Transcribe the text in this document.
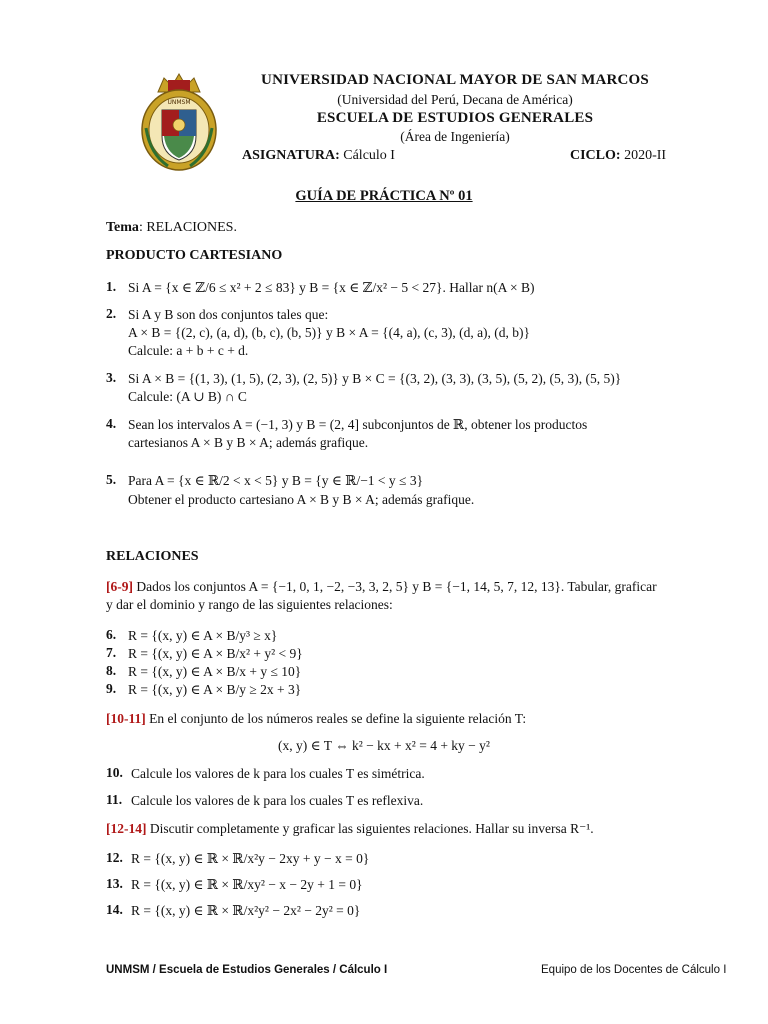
UNMSM
UNIVERSIDAD NACIONAL MAYOR DE SAN MARCOS
(Universidad del Perú, Decana de América)
ESCUELA DE ESTUDIOS GENERALES
(Área de Ingeniería)
ASIGNATURA: Cálculo I	CICLO: 2020-II
GUÍA DE PRÁCTICA Nº 01
Tema: RELACIONES.
PRODUCTO CARTESIANO
1. Si A = {x ∈ ℤ/6 ≤ x² + 2 ≤ 83} y B = {x ∈ ℤ/x² − 5 < 27}. Hallar n(A × B)
2. Si A y B son dos conjuntos tales que:
A × B = {(2, c), (a, d), (b, c), (b, 5)} y B × A = {(4, a), (c, 3), (d, a), (d, b)}
Calcule: a + b + c + d.
3. Si A × B = {(1, 3), (1, 5), (2, 3), (2, 5)} y B × C = {(3, 2), (3, 3), (3, 5), (5, 2), (5, 3), (5, 5)}
Calcule: (A ∪ B) ∩ C
4. Sean los intervalos A = (−1, 3) y B = (2, 4] subconjuntos de ℝ, obtener los productos
cartesianos A × B y B × A; además grafique.
5. Para A = {x ∈ ℝ/2 < x < 5} y B = {y ∈ ℝ/−1 < y ≤ 3}
Obtener el producto cartesiano A × B y B × A; además grafique.
RELACIONES
[6-9] Dados los conjuntos A = {−1, 0, 1, −2, −3, 3, 2, 5} y B = {−1, 14, 5, 7, 12, 13}. Tabular, graficar
y dar el dominio y rango de las siguientes relaciones:
6. R = {(x, y) ∈ A × B/y³ ≥ x}
7. R = {(x, y) ∈ A × B/x² + y² < 9}
8. R = {(x, y) ∈ A × B/x + y ≤ 10}
9. R = {(x, y) ∈ A × B/y ≥ 2x + 3}
[10-11] En el conjunto de los números reales se define la siguiente relación T:
(x, y) ∈ T ⇔ k² − kx + x² = 4 + ky − y²
10. Calcule los valores de k para los cuales T es simétrica.
11. Calcule los valores de k para los cuales T es reflexiva.
[12-14] Discutir completamente y graficar las siguientes relaciones. Hallar su inversa R⁻¹.
12. R = {(x, y) ∈ ℝ × ℝ/x²y − 2xy + y − x = 0}
13. R = {(x, y) ∈ ℝ × ℝ/xy² − x − 2y + 1 = 0}
14. R = {(x, y) ∈ ℝ × ℝ/x²y² − 2x² − 2y² = 0}
UNMSM / Escuela de Estudios Generales / Cálculo I	Equipo de los Docentes de Cálculo I
